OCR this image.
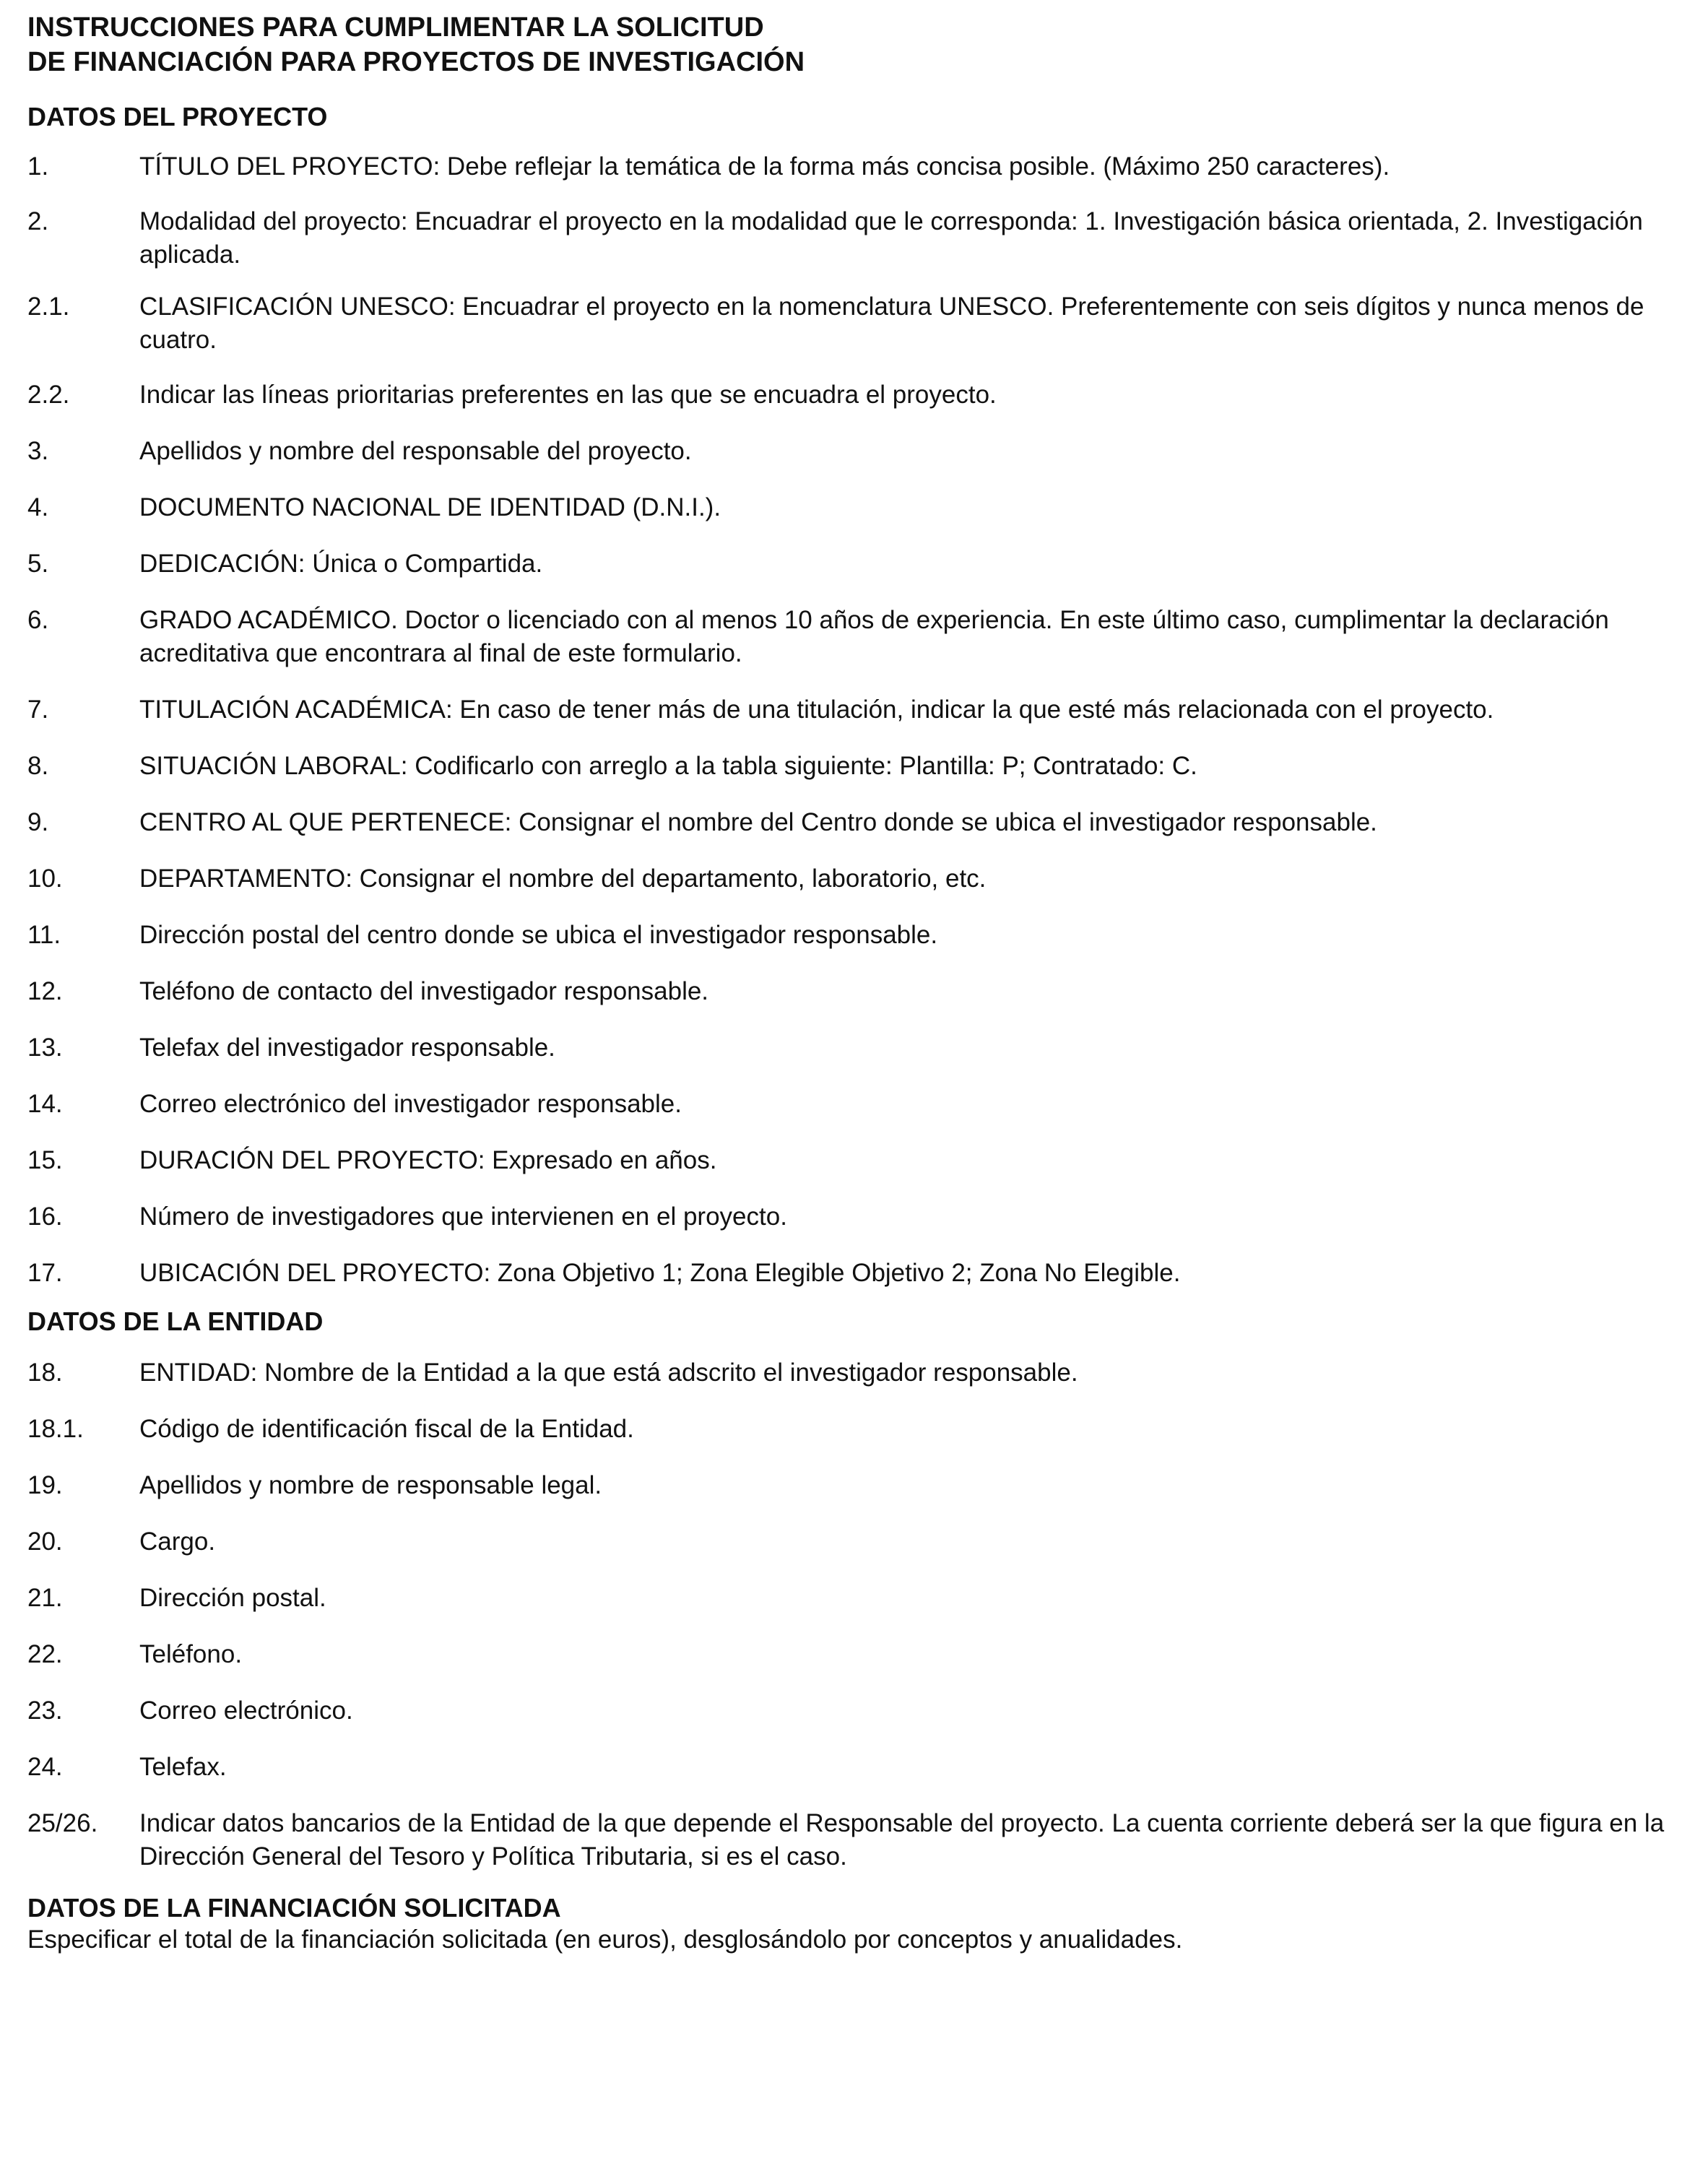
INSTRUCCIONES PARA CUMPLIMENTAR LA SOLICITUD
DE FINANCIACIÓN PARA PROYECTOS DE INVESTIGACIÓN
DATOS DEL PROYECTO
1.	TÍTULO DEL PROYECTO: Debe reflejar la temática de la forma más concisa posible. (Máximo 250 caracteres).
2.	Modalidad del proyecto: Encuadrar el proyecto en la modalidad que le corresponda: 1. Investigación básica orientada, 2. Investigación aplicada.
2.1.	CLASIFICACIÓN UNESCO: Encuadrar el proyecto en la nomenclatura UNESCO. Preferentemente con seis dígitos y nunca menos de cuatro.
2.2.	Indicar las líneas prioritarias preferentes en las que se encuadra el proyecto.
3.	Apellidos y nombre del responsable del proyecto.
4.	DOCUMENTO NACIONAL DE IDENTIDAD (D.N.I.).
5.	DEDICACIÓN: Única o Compartida.
6.	GRADO ACADÉMICO. Doctor o licenciado con al menos 10 años de experiencia. En este último caso, cumplimentar la declaración acreditativa que encontrara al final de este formulario.
7.	TITULACIÓN ACADÉMICA: En caso de tener más de una titulación, indicar la que esté más relacionada con el proyecto.
8.	SITUACIÓN LABORAL: Codificarlo con arreglo a la tabla siguiente: Plantilla: P; Contratado: C.
9.	CENTRO AL QUE PERTENECE: Consignar el nombre del Centro donde se ubica el investigador responsable.
10.	DEPARTAMENTO: Consignar el nombre del departamento, laboratorio, etc.
11.	Dirección postal del centro donde se ubica el investigador responsable.
12.	Teléfono de contacto del investigador responsable.
13.	Telefax del investigador responsable.
14.	Correo electrónico del investigador responsable.
15.	DURACIÓN DEL PROYECTO: Expresado en años.
16.	Número de investigadores que intervienen en el proyecto.
17.	UBICACIÓN DEL PROYECTO: Zona Objetivo 1; Zona Elegible Objetivo 2; Zona No Elegible.
DATOS DE LA ENTIDAD
18.	ENTIDAD: Nombre de la Entidad a la que está adscrito el investigador responsable.
18.1.	Código de identificación fiscal de la Entidad.
19.	Apellidos y nombre de responsable legal.
20.	Cargo.
21.	Dirección postal.
22.	Teléfono.
23.	Correo electrónico.
24.	Telefax.
25/26.	Indicar datos bancarios de la Entidad de la que depende el Responsable del proyecto. La cuenta corriente deberá ser la que figura en la Dirección General del Tesoro y Política Tributaria, si es el caso.
DATOS DE LA FINANCIACIÓN SOLICITADA
Especificar el total de la financiación solicitada (en euros), desglosándolo por conceptos y anualidades.
